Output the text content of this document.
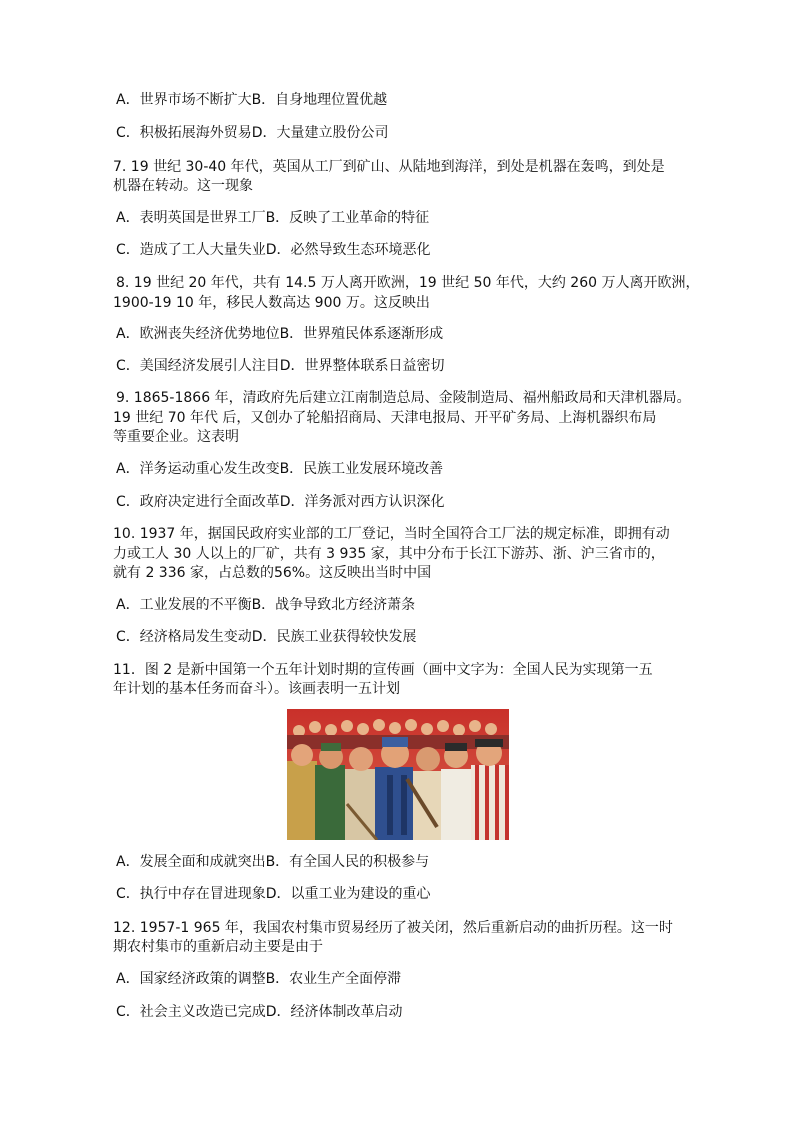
A．世界市场不断扩大B．自身地理位置优越
C．积极拓展海外贸易D．大量建立股份公司
7. 19 世纪 30-40 年代，英国从工厂到矿山、从陆地到海洋，到处是机器在轰鸣，到处是
机器在转动。这一现象
A．表明英国是世界工厂B．反映了工业革命的特征
C．造成了工人大量失业D．必然导致生态环境恶化
8. 19 世纪 20 年代，共有 14.5 万人离开欧洲，19 世纪 50 年代，大约 260 万人离开欧洲，
1900-19 10 年，移民人数高达 900 万。这反映出
A．欧洲丧失经济优势地位B．世界殖民体系逐渐形成
C．美国经济发展引人注目D．世界整体联系日益密切
9. 1865-1866 年，清政府先后建立江南制造总局、金陵制造局、福州船政局和天津机器局。
19 世纪 70 年代 后，又创办了轮船招商局、天津电报局、开平矿务局、上海机器织布局
等重要企业。这表明
A．洋务运动重心发生改变B．民族工业发展环境改善
C．政府决定进行全面改革D．洋务派对西方认识深化
10. 1937 年，据国民政府实业部的工厂登记，当时全国符合工厂法的规定标准，即拥有动
力或工人 30 人以上的厂矿，共有 3 935 家，其中分布于长江下游苏、浙、沪三省市的，
就有 2 336 家，占总数的56%。这反映出当时中国
A．工业发展的不平衡B．战争导致北方经济萧条
C．经济格局发生变动D．民族工业获得较快发展
11．图 2 是新中国第一个五年计划时期的宣传画（画中文字为：全国人民为实现第一五
年计划的基本任务而奋斗）。该画表明一五计划
A．发展全面和成就突出B．有全国人民的积极参与
C．执行中存在冒进现象D．以重工业为建设的重心
12. 1957-1 965 年，我国农村集市贸易经历了被关闭，然后重新启动的曲折历程。这一时
期农村集市的重新启动主要是由于
A．国家经济政策的调整B．农业生产全面停滞
C．社会主义改造已完成D．经济体制改革启动
